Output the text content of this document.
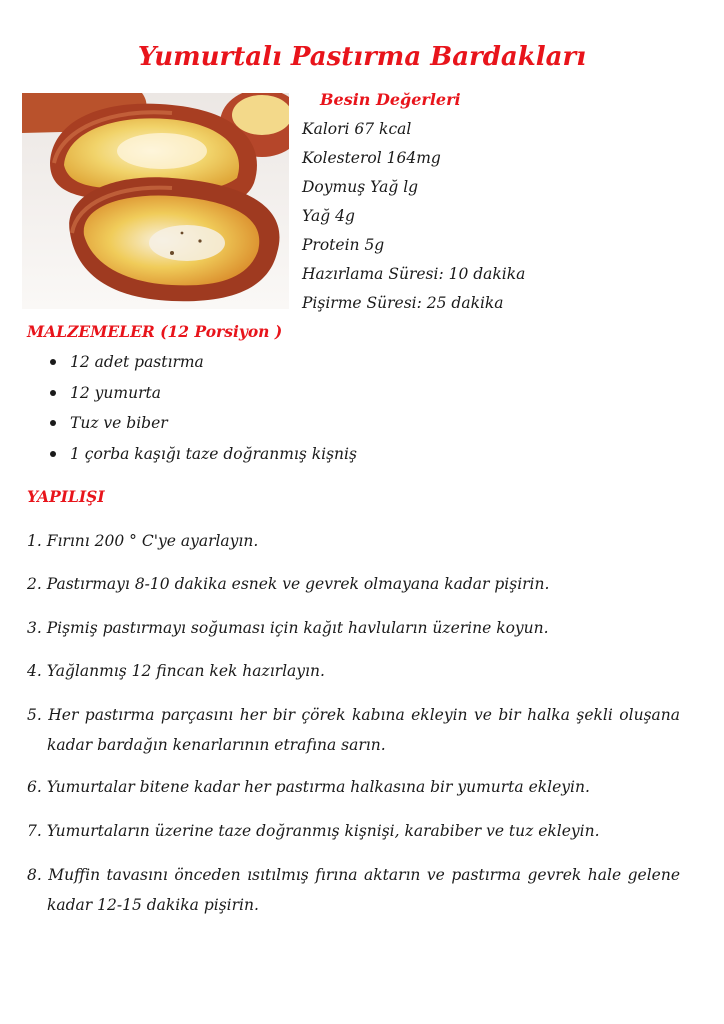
Yumurtalı Pastırma Bardakları
Besin Değerleri
Kalori 67 kcal
Kolesterol 164mg
Doymuş Yağ lg
Yağ 4g
Protein 5g
Hazırlama Süresi: 10 dakika
Pişirme Süresi: 25 dakika
MALZEMELER (12 Porsiyon )
12 adet pastırma
12 yumurta
Tuz ve biber
1 çorba kaşığı taze doğranmış kişniş
YAPILIŞI

1. Fırını 200 ° C'ye ayarlayın.

2. Pastırmayı 8-10 dakika esnek ve gevrek olmayana kadar pişirin.

3. Pişmiş pastırmayı soğuması için kağıt havluların üzerine koyun.

4. Yağlanmış 12 fincan kek hazırlayın.

5. Her pastırma parçasını her bir çörek kabına ekleyin ve bir halka şekli oluşana kadar bardağın kenarlarının etrafına sarın.

6. Yumurtalar bitene kadar her pastırma halkasına bir yumurta ekleyin.

7. Yumurtaların üzerine taze doğranmış kişnişi, karabiber ve tuz ekleyin.

8. Muffin tavasını önceden ısıtılmış fırına aktarın ve pastırma gevrek hale gelene kadar 12-15 dakika pişirin.
